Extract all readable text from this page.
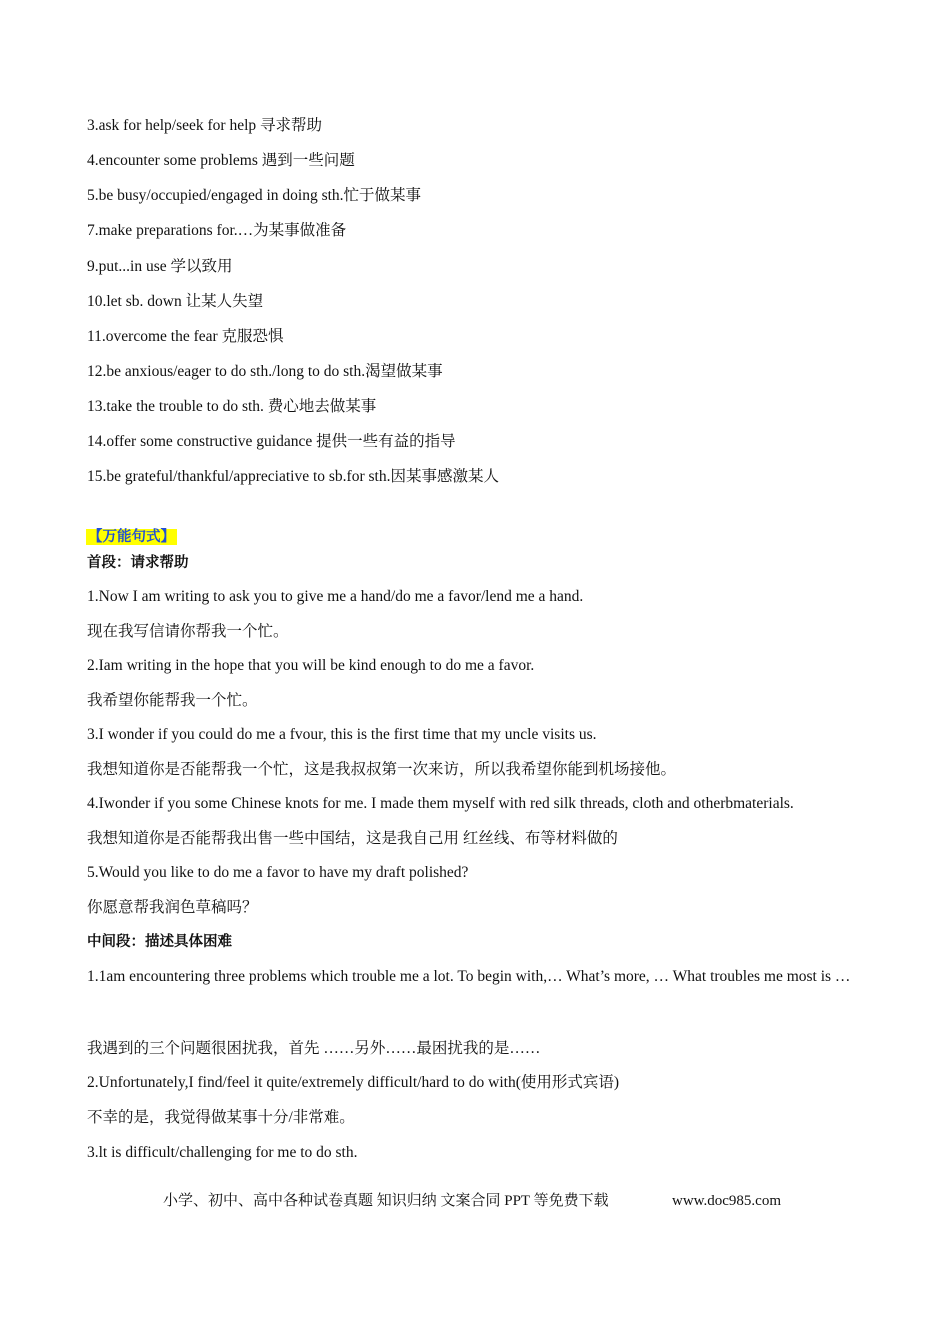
3.ask for help/seek for help 寻求帮助
4.encounter some problems 遇到一些问题
5.be busy/occupied/engaged in doing sth.忙于做某事
7.make preparations for.…为某事做准备
9.put...in use 学以致用
10.let sb. down 让某人失望
11.overcome the fear 克服恐惧
12.be anxious/eager to do sth./long to do sth.渴望做某事
13.take the trouble to do sth. 费心地去做某事
14.offer some constructive guidance 提供一些有益的指导
15.be grateful/thankful/appreciative to sb.for sth.因某事感激某人
【万能句式】
首段：请求帮助
1.Now I am writing to ask you to give me a hand/do me a favor/lend me a hand.
现在我写信请你帮我一个忙。
2.Iam writing in the hope that you will be kind enough to do me a favor.
我希望你能帮我一个忙。
3.I wonder if you could do me a fvour, this is the first time that my uncle visits us.
我想知道你是否能帮我一个忙，这是我叔叔第一次来访，所以我希望你能到机场接他。
4.Iwonder if you some Chinese knots for me. I made them myself with red silk threads, cloth and otherbmaterials.
我想知道你是否能帮我出售一些中国结，这是我自己用 红丝线、布等材料做的
5.Would you like to do me a favor to have my draft polished?
你愿意帮我润色草稿吗？
中间段：描述具体困难
1.1am encountering three problems which trouble me a lot. To begin with,… What’s more, … What troubles me most is …
我遇到的三个问题很困扰我，首先 ……另外……最困扰我的是……
2.Unfortunately,I find/feel it quite/extremely difficult/hard to do with(使用形式宾语)
不幸的是，我觉得做某事十分/非常难。
3.lt is difficult/challenging for me to do sth.
小学、初中、高中各种试卷真题 知识归纳 文案合同 PPT 等免费下载	www.doc985.com
